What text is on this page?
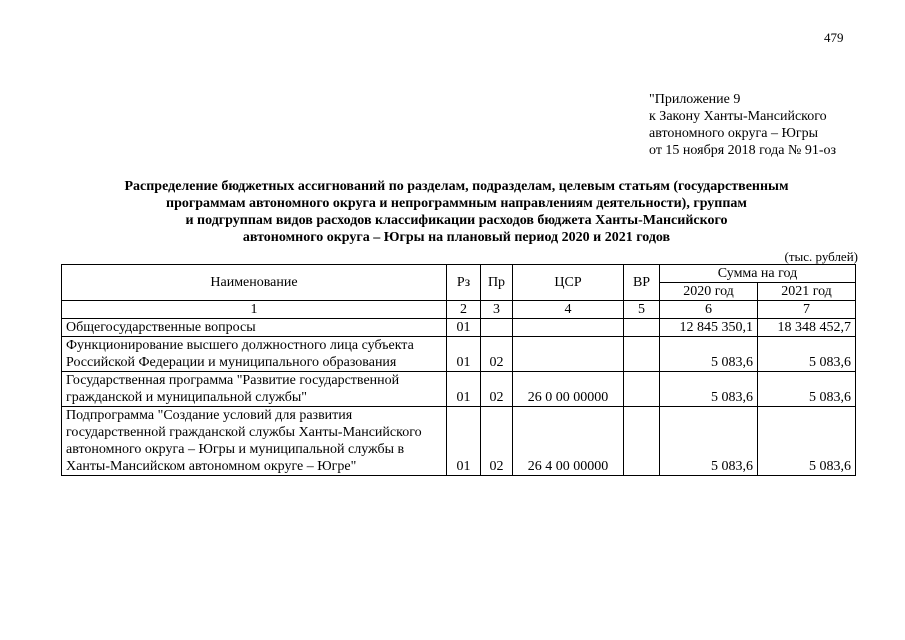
479
"Приложение 9
к Закону Ханты-Мансийского
автономного округа – Югры
от 15 ноября 2018 года № 91-оз
Распределение бюджетных ассигнований по разделам, подразделам, целевым статьям (государственным
программам автономного округа и непрограммным направлениям деятельности), группам
и подгруппам видов расходов классификации расходов бюджета Ханты-Мансийского
автономного округа – Югры на плановый период 2020 и 2021 годов
(тыс. рублей)
Наименование	Рз	Пр	ЦСР	ВР	Сумма на год	
					2020 год	2021 год
1	2	3	4	5	6	7
Общегосударственные вопросы	01				12 845 350,1	18 348 452,7
Функционирование высшего должностного лица субъекта Российской Федерации и муниципального образования	01	02			5 083,6	5 083,6
Государственная программа "Развитие государственной гражданской и муниципальной службы"	01	02	26 0 00 00000		5 083,6	5 083,6
Подпрограмма "Создание условий для развития государственной гражданской службы Ханты-Мансийского автономного округа – Югры и муниципальной службы в Ханты-Мансийском автономном округе – Югре"	01	02	26 4 00 00000		5 083,6	5 083,6
